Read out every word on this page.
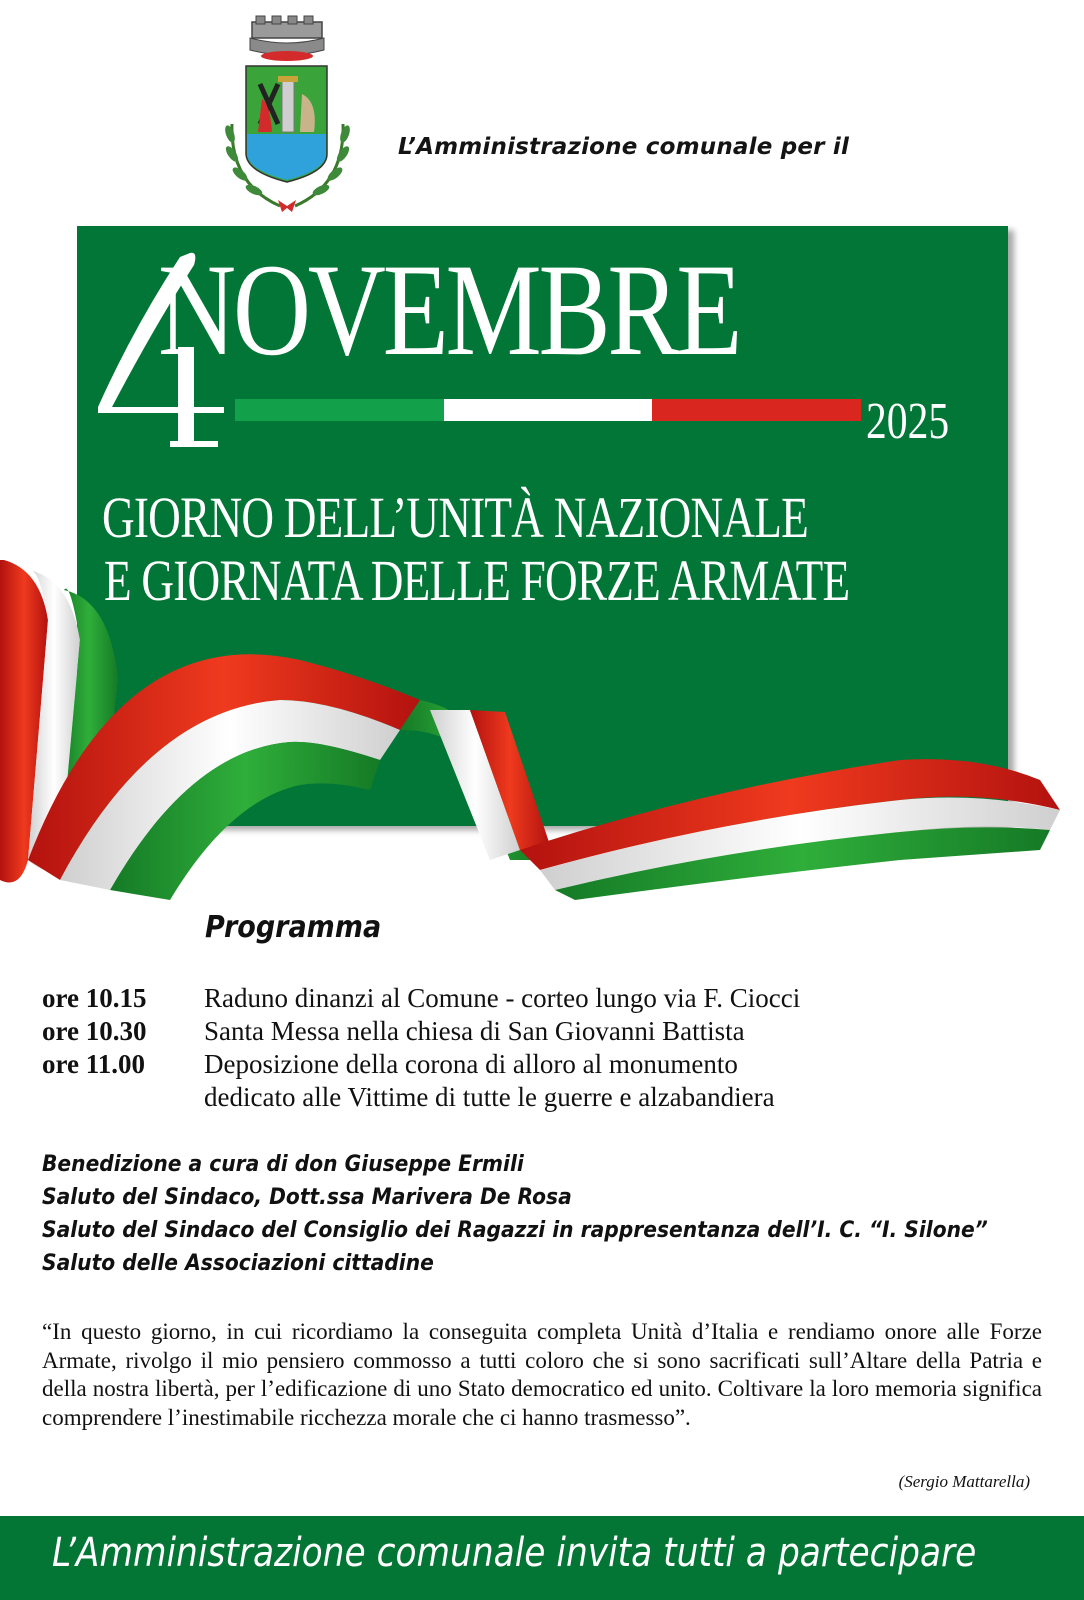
L’Amministrazione comunale per il
NOVEMBRE
2025
GIORNO DELL’UNITÀ NAZIONALE
E GIORNATA DELLE FORZE ARMATE
Programma
ore 10.15	Raduno dinanzi al Comune - corteo lungo via F. Ciocci
ore 10.30	Santa Messa nella chiesa di San Giovanni Battista
ore 11.00	Deposizione della corona di alloro al monumento
dedicato alle Vittime di tutte le guerre e alzabandiera
Benedizione a cura di don Giuseppe Ermili
Saluto del Sindaco, Dott.ssa Marivera De Rosa
Saluto del Sindaco del Consiglio dei Ragazzi in rappresentanza dell’I. C. “I. Silone”
Saluto delle Associazioni cittadine
“In questo giorno, in cui ricordiamo la conseguita completa Unità d’Italia e rendiamo onore alle Forze Armate, rivolgo il mio pensiero commosso a tutti coloro che si sono sacrificati sull’Altare della Patria e della nostra libertà, per l’edificazione di uno Stato democratico ed unito. Coltivare la loro memoria significa comprendere l’inestimabile ricchezza morale che ci hanno trasmesso”.
(Sergio Mattarella)
L’Amministrazione comunale invita tutti a partecipare
